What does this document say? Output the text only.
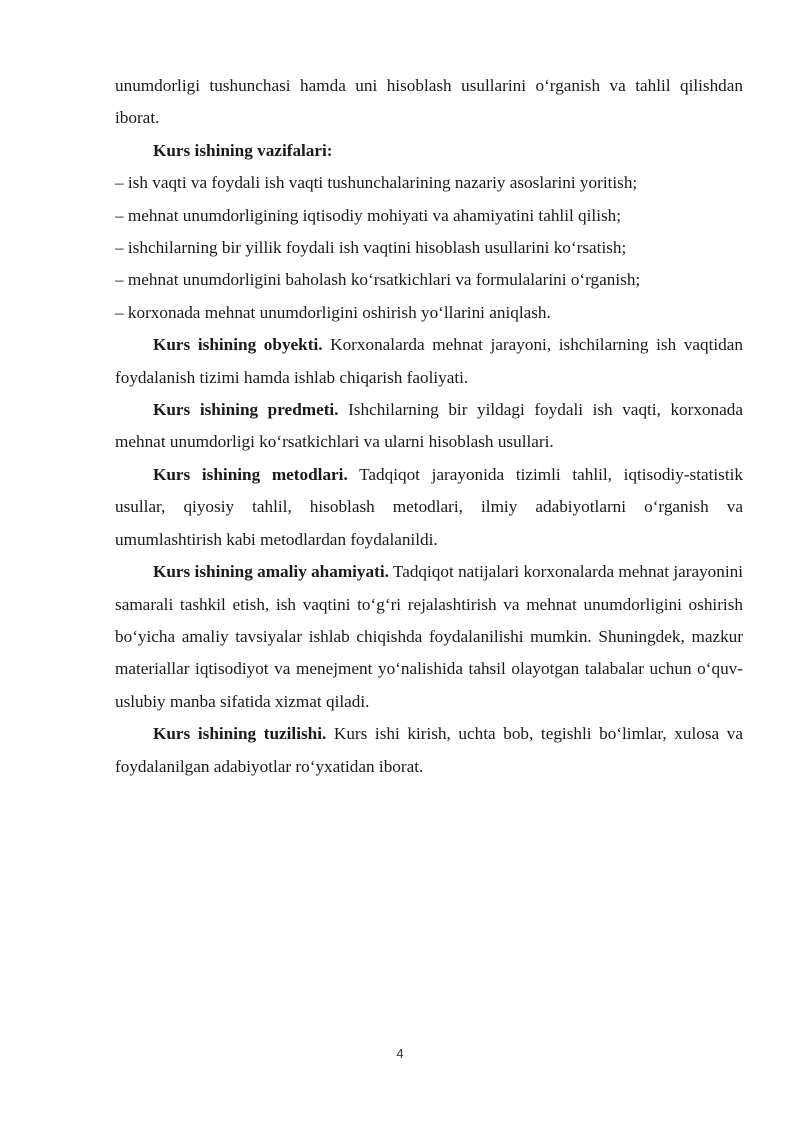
unumdorligi tushunchasi hamda uni hisoblash usullarini o‘rganish va tahlil qilishdan iborat.

Kurs ishining vazifalari:

– ish vaqti va foydali ish vaqti tushunchalarining nazariy asoslarini yoritish;

– mehnat unumdorligining iqtisodiy mohiyati va ahamiyatini tahlil qilish;

– ishchilarning bir yillik foydali ish vaqtini hisoblash usullarini ko‘rsatish;

– mehnat unumdorligini baholash ko‘rsatkichlari va formulalarini o‘rganish;

– korxonada mehnat unumdorligini oshirish yo‘llarini aniqlash.

Kurs ishining obyekti. Korxonalarda mehnat jarayoni, ishchilarning ish vaqtidan foydalanish tizimi hamda ishlab chiqarish faoliyati.

Kurs ishining predmeti. Ishchilarning bir yildagi foydali ish vaqti, korxonada mehnat unumdorligi ko‘rsatkichlari va ularni hisoblash usullari.

Kurs ishining metodlari. Tadqiqot jarayonida tizimli tahlil, iqtisodiy-statistik usullar, qiyosiy tahlil, hisoblash metodlari, ilmiy adabiyotlarni o‘rganish va umumlashtirish kabi metodlardan foydalanildi.

Kurs ishining amaliy ahamiyati. Tadqiqot natijalari korxonalarda mehnat jarayonini samarali tashkil etish, ish vaqtini to‘g‘ri rejalashtirish va mehnat unumdorligini oshirish bo‘yicha amaliy tavsiyalar ishlab chiqishda foydalanilishi mumkin. Shuningdek, mazkur materiallar iqtisodiyot va menejment yo‘nalishida tahsil olayotgan talabalar uchun o‘quv-uslubiy manba sifatida xizmat qiladi.

Kurs ishining tuzilishi. Kurs ishi kirish, uchta bob, tegishli bo‘limlar, xulosa va foydalanilgan adabiyotlar ro‘yxatidan iborat.

4
